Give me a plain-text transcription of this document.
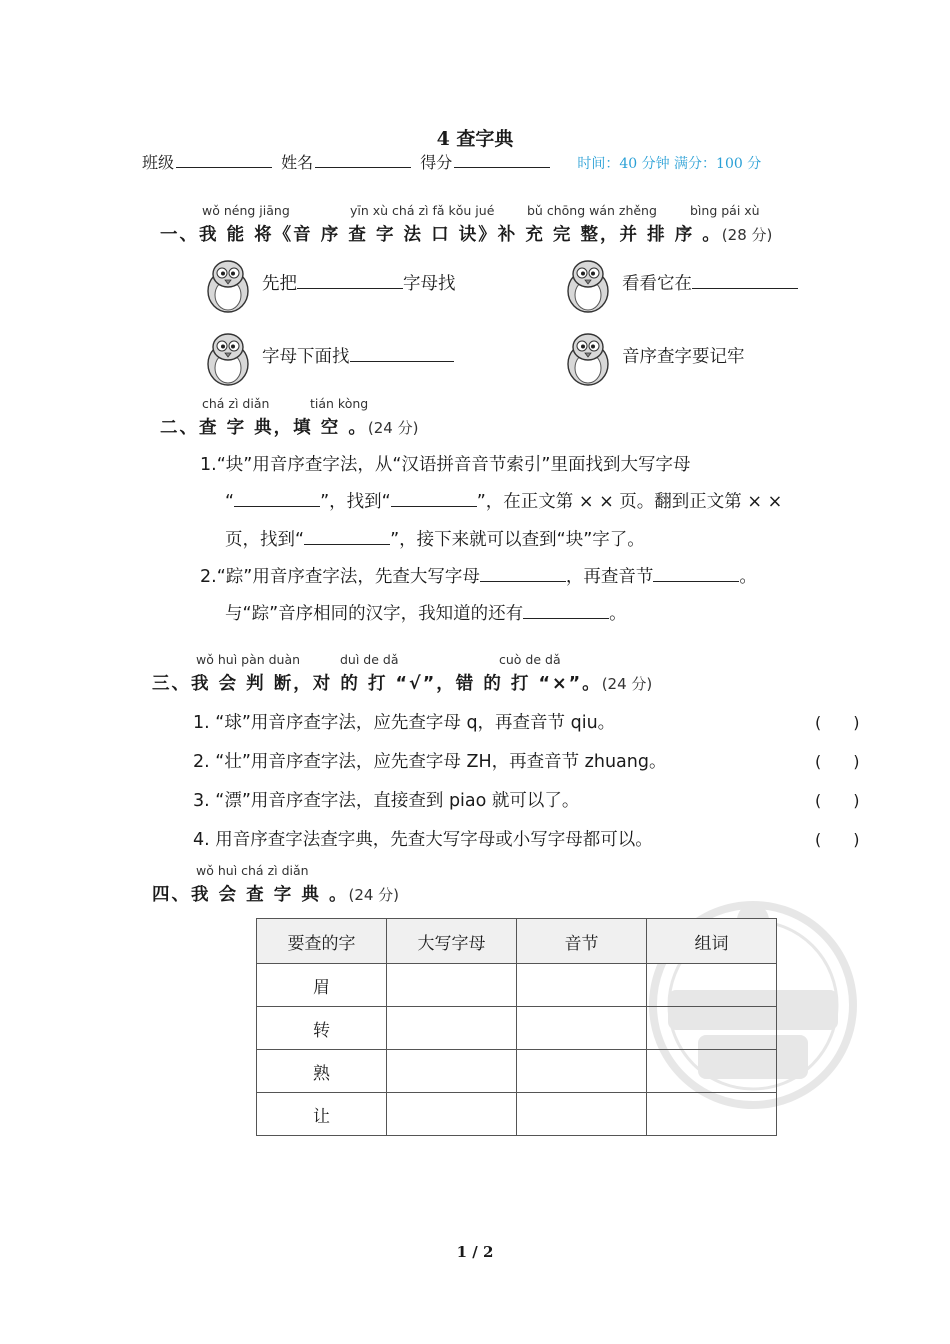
4 查字典
班级	姓名	得分	时间：40 分钟 满分：100 分
wǒ néng jiāng	yīn xù chá zì fǎ kǒu jué	bǔ chōng wán zhěng	bìng pái xù
一、我 能 将《音 序 查 字 法 口 诀》补 充 完 整，并 排 序 。(28 分)
先把	字母找	看看它在
字母下面找	音序查字要记牢
chá zì diǎn	tián kòng
二、查 字 典，填 空 。(24 分)
1.“块”用音序查字法，从“汉语拼音音节索引”里面找到大写字母
“	”，找到“	”，在正文第 × × 页。翻到正文第 × ×
页，找到“	”，接下来就可以查到“块”字了。
2.“踪”用音序查字法，先查大写字母	，再查音节	。
与“踪”音序相同的汉字，我知道的还有	。
wǒ huì pàn duàn	duì de dǎ	cuò de dǎ
三、我 会 判 断，对 的 打 “√”，错 的 打 “×”。(24 分)
1. “球”用音序查字法，应先查字母 q，再查音节 qiu。	(　　)
2. “壮”用音序查字法，应先查字母 ZH，再查音节 zhuang。	(　　)
3. “漂”用音序查字法，直接查到 piao 就可以了。	(　　)
4. 用音序查字法查字典，先查大写字母或小写字母都可以。	(　　)
wǒ huì chá zì diǎn
四、我 会 查 字 典 。(24 分)
要查的字	大写字母	音节	组词
眉			
转			
熟			
让			
1 / 2
